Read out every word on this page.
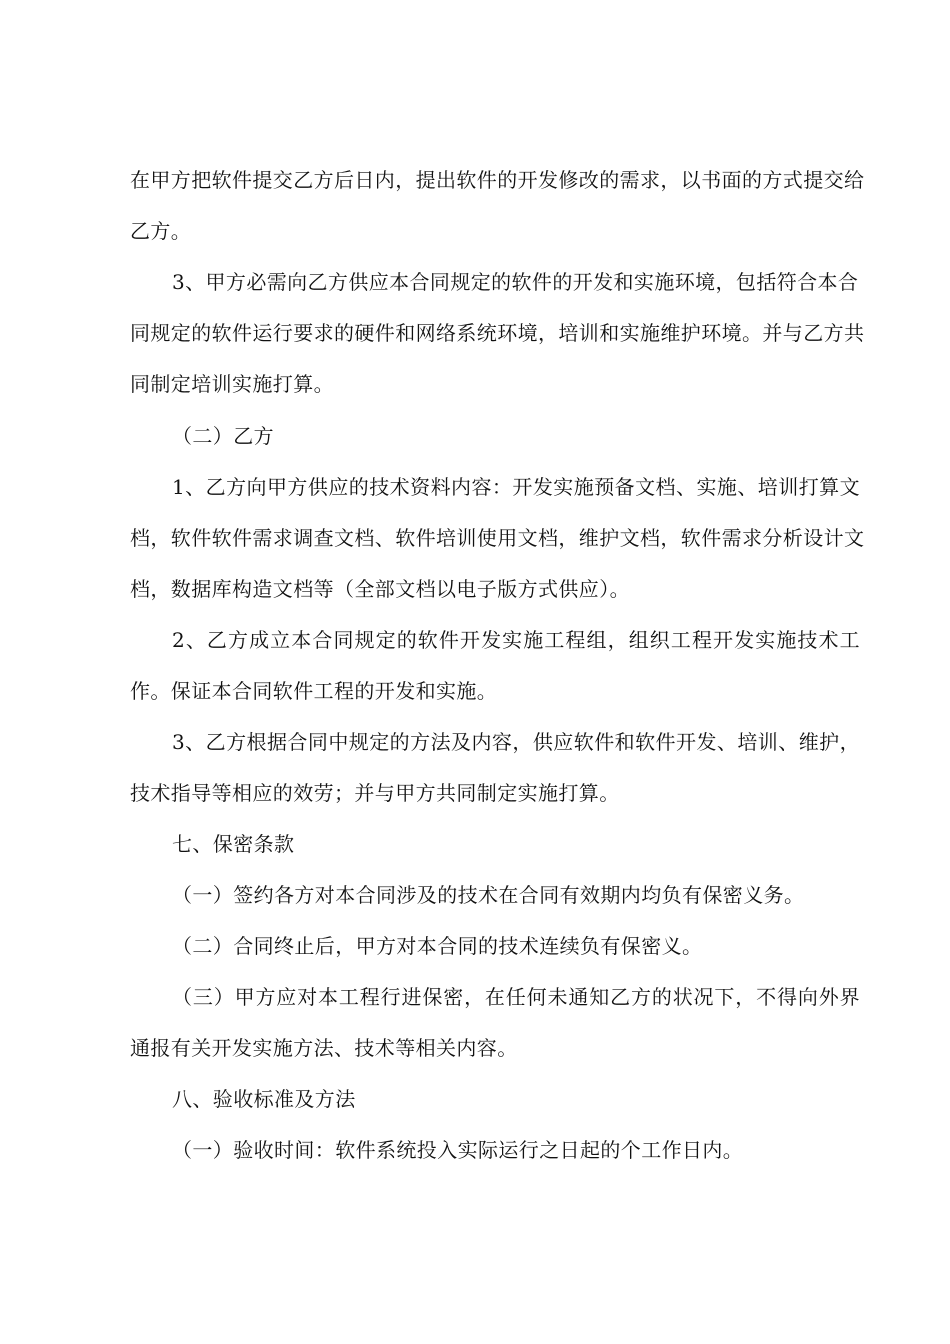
在甲方把软件提交乙方后日内，提出软件的开发修改的需求，以书面的方式提交给
乙方。
3、甲方必需向乙方供应本合同规定的软件的开发和实施环境，包括符合本合
同规定的软件运行要求的硬件和网络系统环境，培训和实施维护环境。并与乙方共
同制定培训实施打算。
（二）乙方
1、乙方向甲方供应的技术资料内容：开发实施预备文档、实施、培训打算文
档，软件软件需求调查文档、软件培训使用文档，维护文档，软件需求分析设计文
档，数据库构造文档等（全部文档以电子版方式供应）。
2、乙方成立本合同规定的软件开发实施工程组，组织工程开发实施技术工
作。保证本合同软件工程的开发和实施。
3、乙方根据合同中规定的方法及内容，供应软件和软件开发、培训、维护，
技术指导等相应的效劳；并与甲方共同制定实施打算。
七、保密条款
（一）签约各方对本合同涉及的技术在合同有效期内均负有保密义务。
（二）合同终止后，甲方对本合同的技术连续负有保密义。
（三）甲方应对本工程行进保密，在任何未通知乙方的状况下，不得向外界
通报有关开发实施方法、技术等相关内容。
八、验收标准及方法
（一）验收时间：软件系统投入实际运行之日起的个工作日内。
